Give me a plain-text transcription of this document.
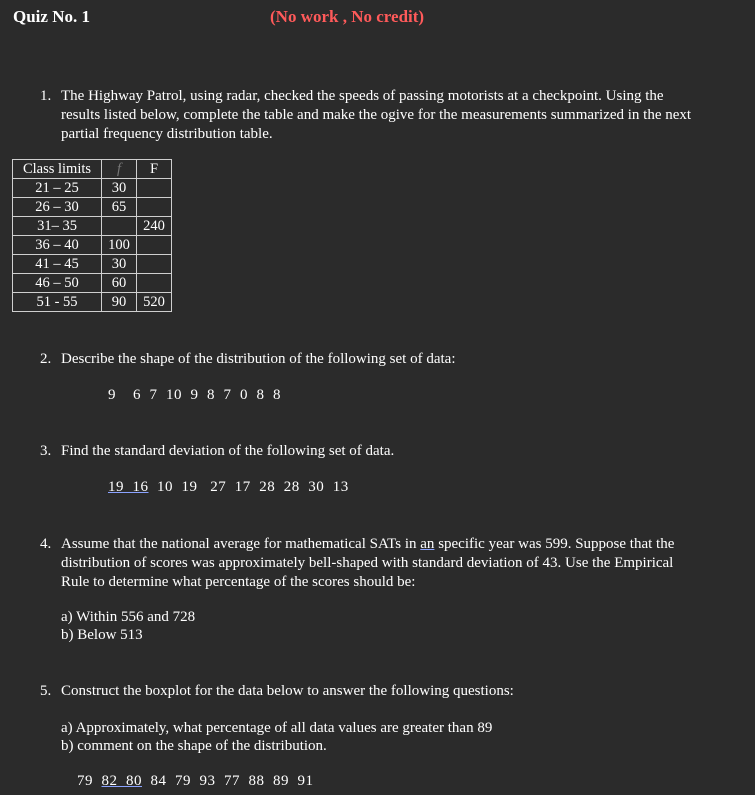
Quiz No. 1	(No work , No credit)
1. The Highway Patrol, using radar, checked the speeds of passing motorists at a checkpoint. Using the results listed below, complete the table and make the ogive for the measurements summarized in the next partial frequency distribution table.
Class limits	f	F
21 – 25	30	
26 – 30	65	
31– 35		240
36 – 40	100	
41 – 45	30	
46 – 50	60	
51 - 55	90	520
2. Describe the shape of the distribution of the following set of data:
9    6  7  10  9  8  7  0  8  8
3. Find the standard deviation of the following set of data.
19  16  10  19   27  17  28  28  30  13
4. Assume that the national average for mathematical SATs in an specific year was 599. Suppose that the distribution of scores was approximately bell-shaped with standard deviation of 43. Use the Empirical Rule to determine what percentage of the scores should be:
a) Within 556 and 728
b) Below 513
5. Construct the boxplot for the data below to answer the following questions:
a) Approximately, what percentage of all data values are greater than 89
b) comment on the shape of the distribution.
79  82  80  84  79  93  77  88  89  91
